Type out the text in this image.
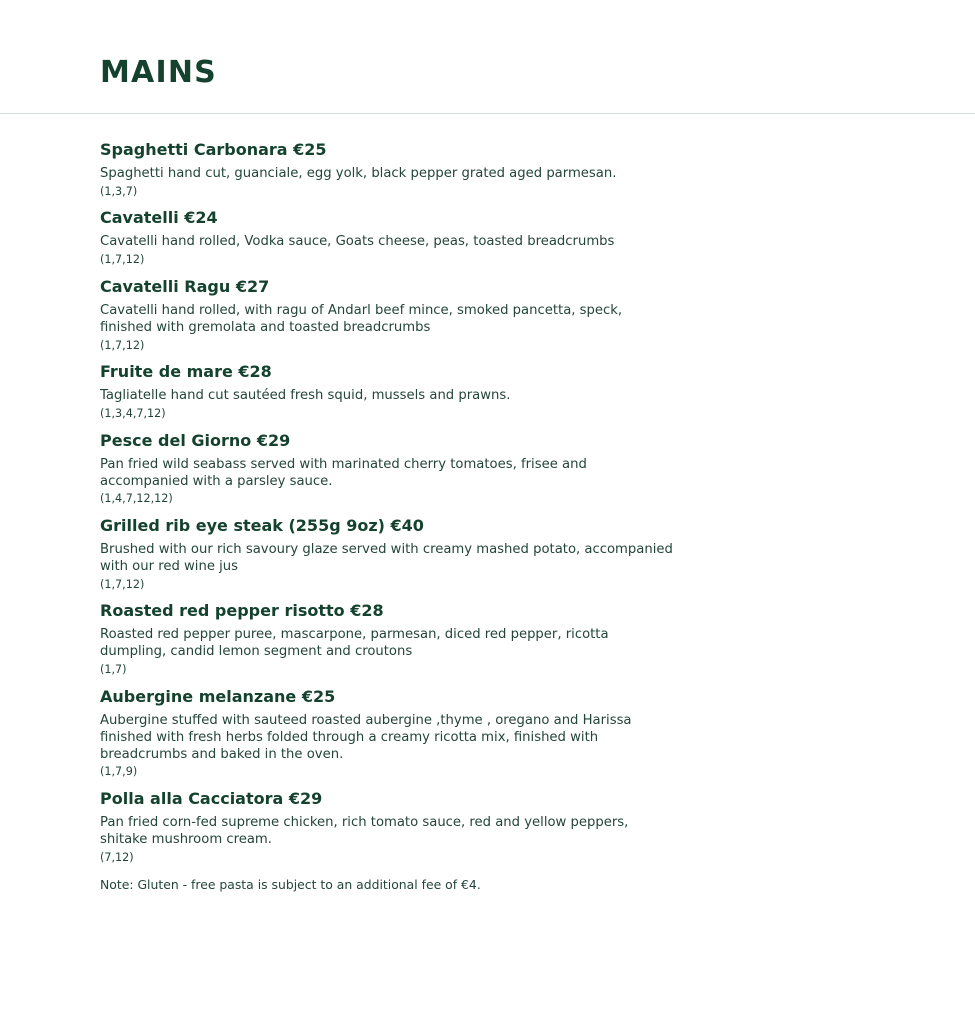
MAINS

Spaghetti Carbonara €25

Spaghetti hand cut, guanciale, egg yolk, black pepper grated aged parmesan.

(1,3,7)

Cavatelli €24

Cavatelli hand rolled, Vodka sauce, Goats cheese, peas, toasted breadcrumbs

(1,7,12)

Cavatelli Ragu €27

Cavatelli hand rolled, with ragu of Andarl beef mince, smoked pancetta, speck, finished with gremolata and toasted breadcrumbs

(1,7,12)

Fruite de mare €28

Tagliatelle hand cut sautéed fresh squid, mussels and prawns.

(1,3,4,7,12)

Pesce del Giorno €29

Pan fried wild seabass served with marinated cherry tomatoes, frisee and accompanied with a parsley sauce.

(1,4,7,12,12)

Grilled rib eye steak (255g 9oz) €40

Brushed with our rich savoury glaze served with creamy mashed potato, accompanied with our red wine jus

(1,7,12)

Roasted red pepper risotto €28

Roasted red pepper puree, mascarpone, parmesan, diced red pepper, ricotta dumpling, candid lemon segment and croutons

(1,7)

Aubergine melanzane €25

Aubergine stuffed with sauteed roasted aubergine ,thyme , oregano and Harissa finished with fresh herbs folded through a creamy ricotta mix, finished with breadcrumbs and baked in the oven.

(1,7,9)

Polla alla Cacciatora €29

Pan fried corn-fed supreme chicken, rich tomato sauce, red and yellow peppers, shitake mushroom cream.

(7,12)

Note: Gluten - free pasta is subject to an additional fee of €4.
